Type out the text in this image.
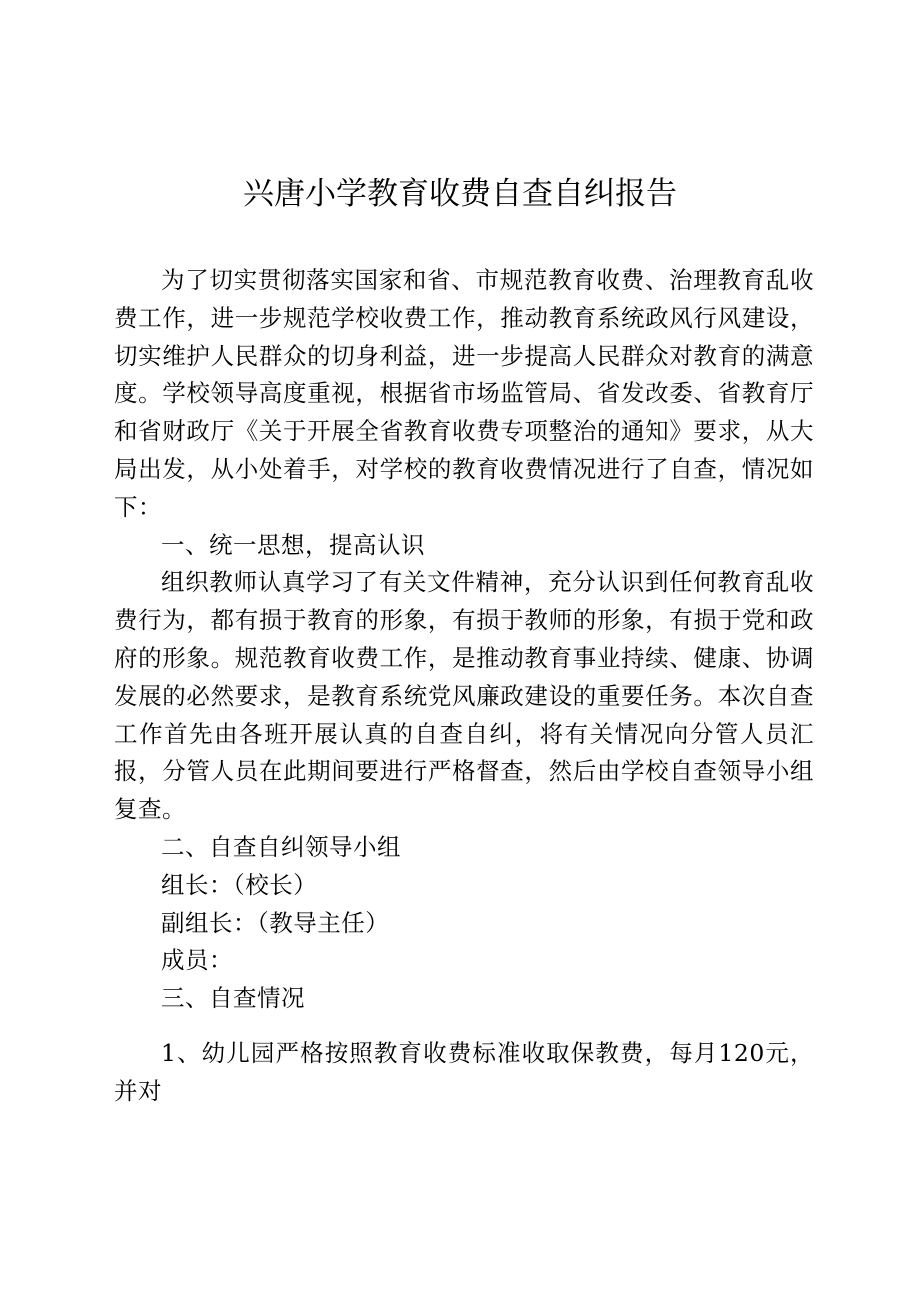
兴唐小学教育收费自查自纠报告

为了切实贯彻落实国家和省、市规范教育收费、治理教育乱收费工作，进一步规范学校收费工作，推动教育系统政风行风建设，切实维护人民群众的切身利益，进一步提高人民群众对教育的满意度。学校领导高度重视，根据省市场监管局、省发改委、省教育厅和省财政厅《关于开展全省教育收费专项整治的通知》要求，从大局出发，从小处着手，对学校的教育收费情况进行了自查，情况如下：

一、统一思想，提高认识

组织教师认真学习了有关文件精神，充分认识到任何教育乱收费行为，都有损于教育的形象，有损于教师的形象，有损于党和政府的形象。规范教育收费工作，是推动教育事业持续、健康、协调发展的必然要求，是教育系统党风廉政建设的重要任务。本次自查工作首先由各班开展认真的自查自纠，将有关情况向分管人员汇报，分管人员在此期间要进行严格督查，然后由学校自查领导小组复查。

二、自查自纠领导小组

组长：（校长）

副组长：（教导主任）

成员：

三、自查情况

1、幼儿园严格按照教育收费标准收取保教费，每月120元，并对
